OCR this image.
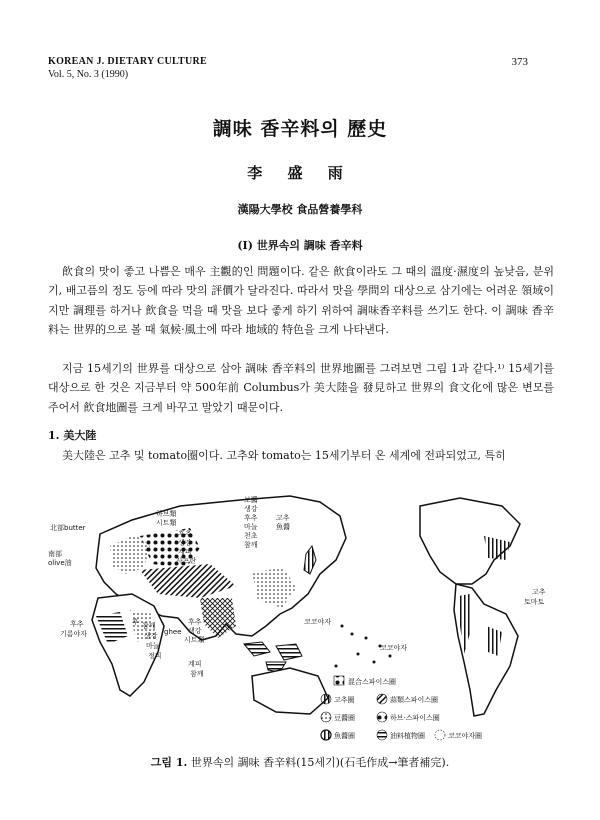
KOREAN J. DIETARY CULTURE
Vol. 5, No. 3 (1990)
373
調味 香辛料의 歷史
李 盛 雨
漢陽大學校 食品營養學科
(Ⅰ) 世界속의 調味 香辛料

飮食의 맛이 좋고 나쁨은 매우 主觀的인 問題이다. 같은 飮食이라도 그 때의 溫度·濕度의 높낮음, 분위기, 배고픔의 정도 등에 따라 맛의 評價가 달라진다. 따라서 맛을 學問의 대상으로 삼기에는 어려운 領域이지만 調理를 하거나 飮食을 먹을 때 맛을 보다 좋게 하기 위하여 調味香辛料를 쓰기도 한다. 이 調味 香辛料는 世界的으로 볼 때 氣候·風土에 따라 地域的 特色을 크게 나타낸다.

지금 15세기의 世界를 대상으로 삼아 調味 香辛料의 世界地圖를 그려보면 그림 1과 같다.¹⁾ 15세기를 대상으로 한 것은 지금부터 약 500年前 Columbus가 美大陸을 發見하고 世界의 食文化에 많은 변모를 주어서 飮食地圖를 크게 바꾸고 말았기 때문이다.

1. 美大陸

美大陸은 고추 및 tomato圈이다. 고추와 tomato는 15세기부터 온 세계에 전파되었고, 특히

北部butter
南部
olive油
하브類
시트類
후추
생강
계피
사프란
보醬
생강
후추
마늘
천초
참깨
고추
魚醬
후 참깨
ghee
생강
마늘
정피
후추
생강
시트類
계피
참깨
후추
기름야자
코코야자
코코야자
고추
토마토
混合스파이스圈
고추圈	蒜類스파이스圈
豆醬圈	하브·스파이스圈
魚醬圈	油料植物圈	코코야자圈
그림 1. 世界속의 調味 香辛料(15세기)(石毛作成→筆者補完).
